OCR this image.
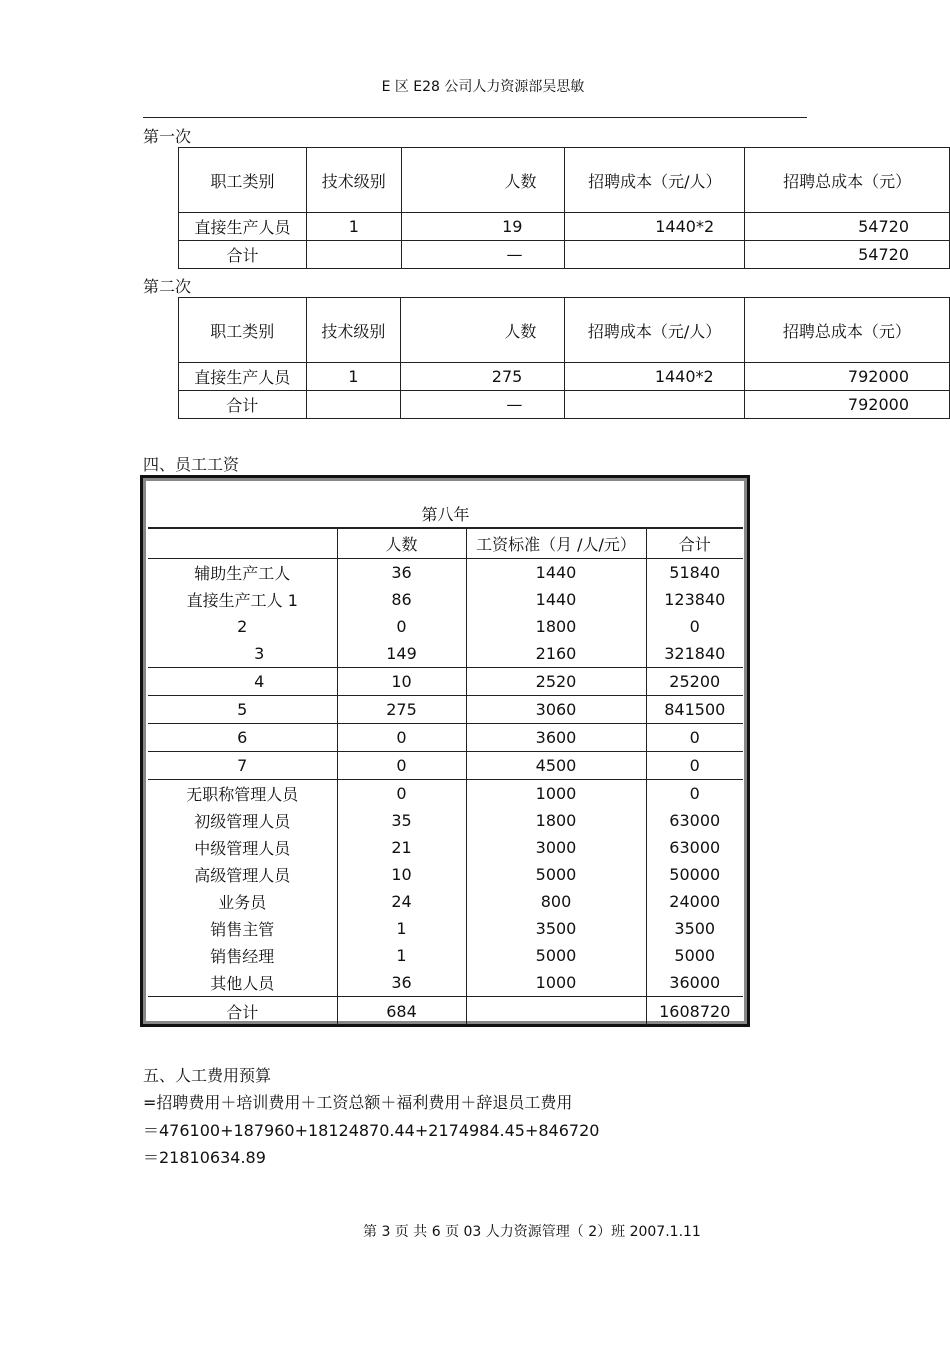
E 区 E28 公司人力资源部吴思敏
第一次
职工类别	技术级别	人数	招聘成本（元/人）	招聘总成本（元）
直接生产人员	1	19	1440*2	54720
合计		—		54720
第二次
职工类别	技术级别	人数	招聘成本（元/人）	招聘总成本（元）
直接生产人员	1	275	1440*2	792000
合计		—		792000
四、员工工资
第八年			
	人数	工资标准（月 /人/元）	合计
辅助生产工人	36	1440	51840
直接生产工人 1	86	1440	123840
2	0	1800	0
3	149	2160	321840
4	10	2520	25200
5	275	3060	841500
6	0	3600	0
7	0	4500	0
无职称管理人员	0	1000	0
初级管理人员	35	1800	63000
中级管理人员	21	3000	63000
高级管理人员	10	5000	50000
业务员	24	800	24000
销售主管	1	3500	3500
销售经理	1	5000	5000
其他人员	36	1000	36000
合计	684		1608720
五、人工费用预算
=招聘费用＋培训费用＋工资总额＋福利费用＋辞退员工费用
＝476100+187960+18124870.44+2174984.45+846720
＝21810634.89
第 3 页 共 6 页 03 人力资源管理（ 2）班 2007.1.11
